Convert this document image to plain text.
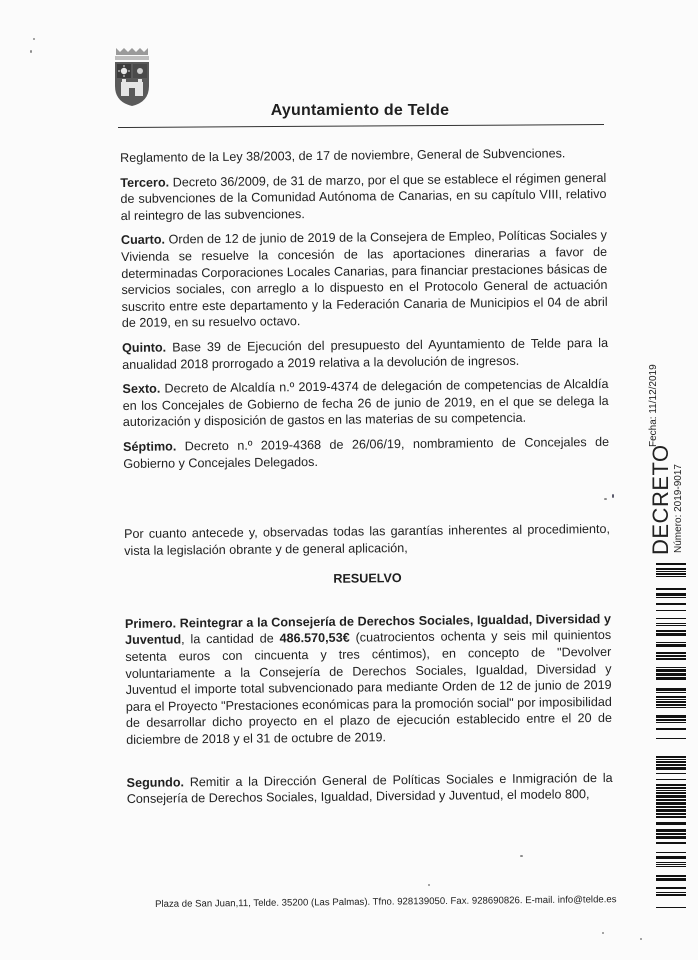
Ayuntamiento de Telde

Reglamento de la Ley 38/2003, de 17 de noviembre, General de Subvenciones.

Tercero. Decreto 36/2009, de 31 de marzo, por el que se establece el régimen general de subvenciones de la Comunidad Autónoma de Canarias, en su capítulo VIII, relativo al reintegro de las subvenciones.

Cuarto. Orden de 12 de junio de 2019 de la Consejera de Empleo, Políticas Sociales y Vivienda se resuelve la concesión de las aportaciones dinerarias a favor de determinadas Corporaciones Locales Canarias, para financiar prestaciones básicas de servicios sociales, con arreglo a lo dispuesto en el Protocolo General de actuación suscrito entre este departamento y la Federación Canaria de Municipios el 04 de abril de 2019, en su resuelvo octavo.

Quinto. Base 39 de Ejecución del presupuesto del Ayuntamiento de Telde para la anualidad 2018 prorrogado a 2019 relativa a la devolución de ingresos.

Sexto. Decreto de Alcaldía n.º 2019-4374 de delegación de competencias de Alcaldía en los Concejales de Gobierno de fecha 26 de junio de 2019, en el que se delega la autorización y disposición de gastos en las materias de su competencia.

Séptimo. Decreto n.º 2019-4368 de 26/06/19, nombramiento de Concejales de Gobierno y Concejales Delegados.

Por cuanto antecede y, observadas todas las garantías inherentes al procedimiento, vista la legislación obrante y de general aplicación,

RESUELVO

Primero. Reintegrar a la Consejería de Derechos Sociales, Igualdad, Diversidad y Juventud, la cantidad de 486.570,53€ (cuatrocientos ochenta y seis mil quinientos setenta euros con cincuenta y tres céntimos), en concepto de "Devolver voluntariamente a la Consejería de Derechos Sociales, Igualdad, Diversidad y Juventud el importe total subvencionado para mediante Orden de 12 de junio de 2019 para el Proyecto "Prestaciones económicas para la promoción social" por imposibilidad de desarrollar dicho proyecto en el plazo de ejecución establecido entre el 20 de diciembre de 2018 y el 31 de octubre de 2019.

Segundo. Remitir a la Dirección General de Políticas Sociales e Inmigración de la Consejería de Derechos Sociales, Igualdad, Diversidad y Juventud, el modelo 800,

Plaza de San Juan,11, Telde. 35200 (Las Palmas). Tfno. 928139050. Fax. 928690826. E-mail. info@telde.es
DECRETO Número: 2019-9017
Fecha: 11/12/2019
